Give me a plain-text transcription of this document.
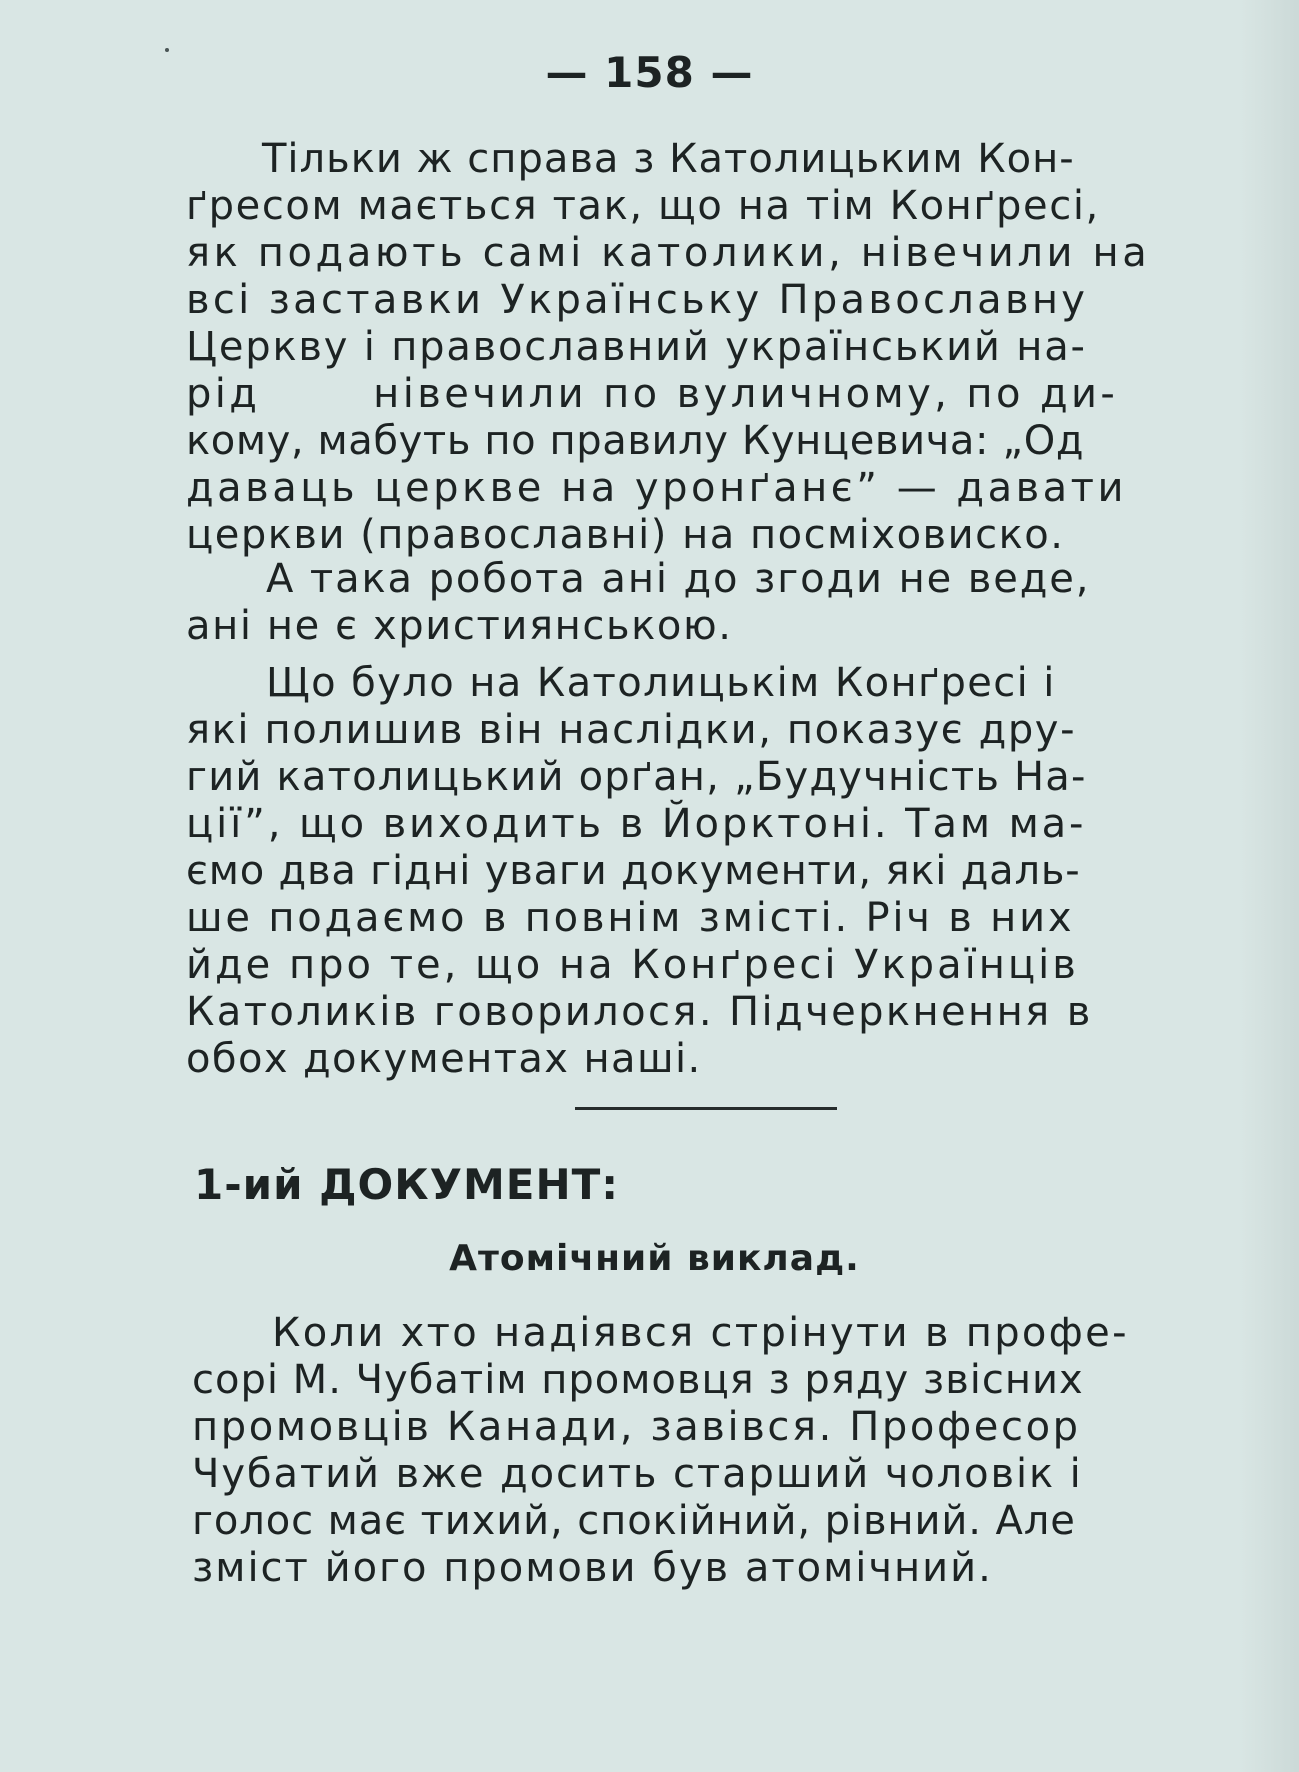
— 158 —
Тільки ж справа з Католицьким Кон-
ґресом мається так, що на тім Конґресі,
як подають самі католики, нівечили на
всі заставки Українську Православну
Церкву і православний український на-
рід       нівечили по вуличному, по ди-
кому, мабуть по правилу Кунцевича: „Од
даваць церкве на уронґанє” — давати
церкви (православні) на посміховиско.
А така робота ані до згоди не веде,
ані не є християнською.
Що було на Католицькім Конґресі і
які полишив він наслідки, показує дру-
гий католицький орґан, „Будучність На-
ції”, що виходить в Йорктоні. Там ма-
ємо два гідні уваги документи, які даль-
ше подаємо в повнім змісті. Річ в них
йде про те, що на Конґресі Українців
Католиків говорилося. Підчеркнення в
обох документах наші.
1-ий ДОКУМЕНТ:
Атомічний виклад.
Коли хто надіявся стрінути в профе-
сорі М. Чубатім промовця з ряду звісних
промовців Канади, завівся. Професор
Чубатий вже досить старший чоловік і
голос має тихий, спокійний, рівний. Але
зміст його промови був атомічний.
